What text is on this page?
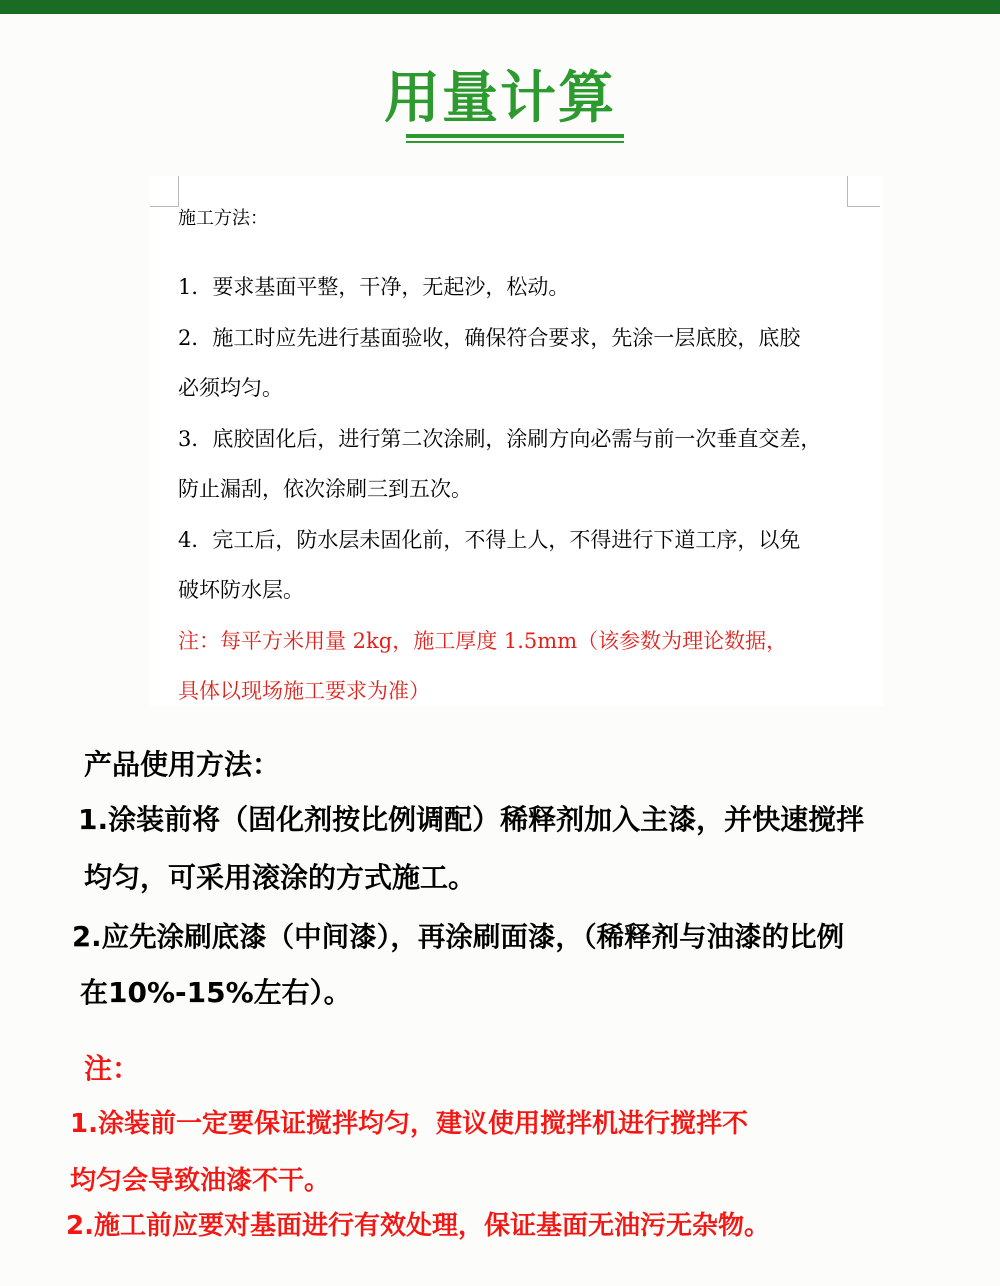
用量计算
施工方法：
1．要求基面平整，干净，无起沙，松动。
2．施工时应先进行基面验收，确保符合要求，先涂一层底胶，底胶
必须均匀。
3．底胶固化后，进行第二次涂刷，涂刷方向必需与前一次垂直交差，
防止漏刮，依次涂刷三到五次。
4．完工后，防水层未固化前，不得上人，不得进行下道工序，以免
破坏防水层。
注：每平方米用量 2kg，施工厚度 1.5mm（该参数为理论数据，
具体以现场施工要求为准）
产品使用方法：
1.涂装前将（固化剂按比例调配）稀释剂加入主漆，并快速搅拌
均匀，可采用滚涂的方式施工。
2.应先涂刷底漆（中间漆），再涂刷面漆，（稀释剂与油漆的比例
在10%-15%左右）。
注：
1.涂装前一定要保证搅拌均匀，建议使用搅拌机进行搅拌不
均匀会导致油漆不干。
2.施工前应要对基面进行有效处理，保证基面无油污无杂物。
